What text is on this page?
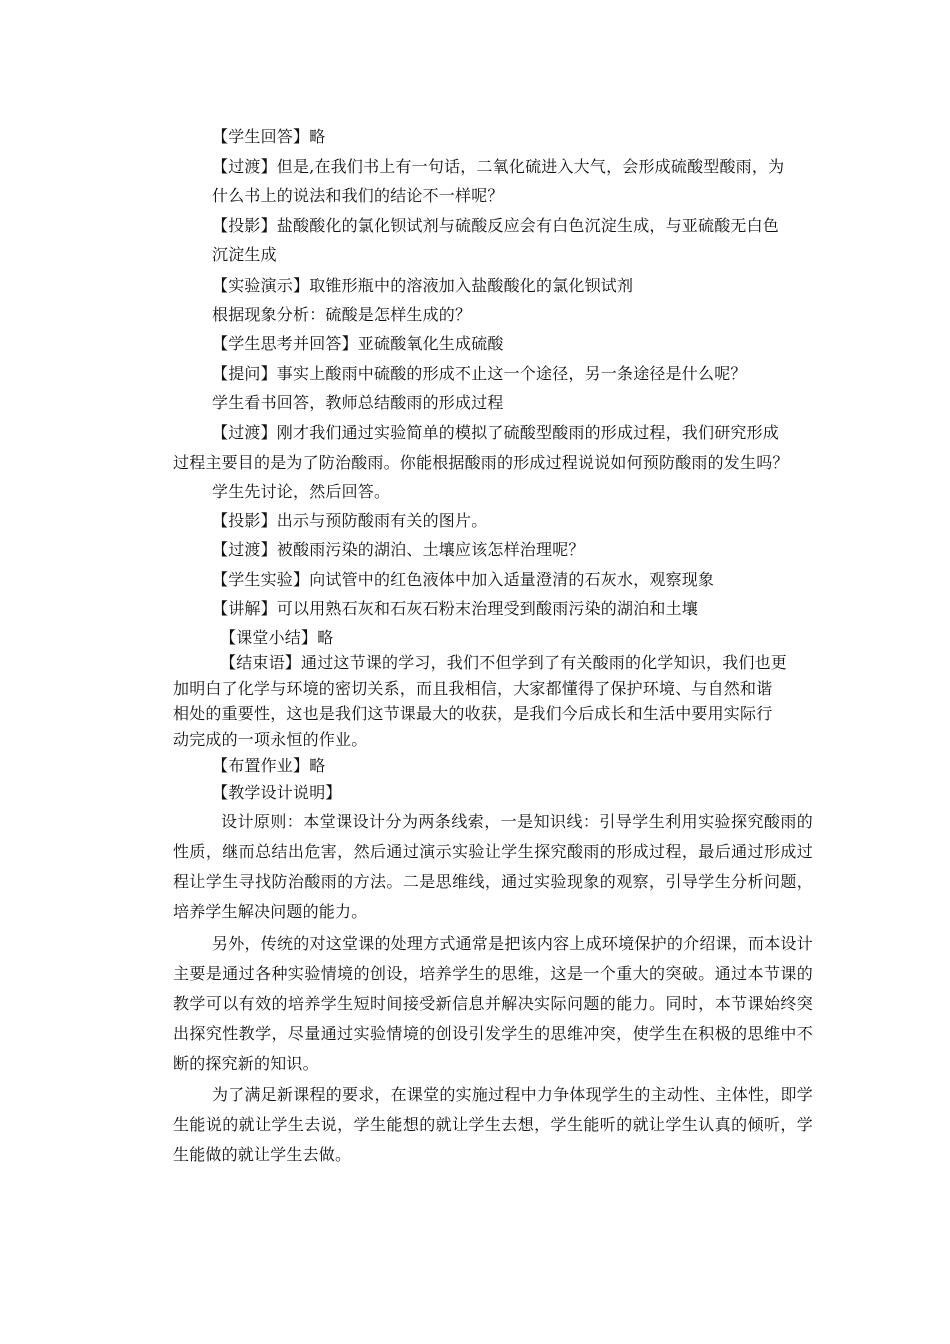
【学生回答】略
【过渡】但是,在我们书上有一句话，二氧化硫进入大气，会形成硫酸型酸雨，为
什么书上的说法和我们的结论不一样呢？
【投影】盐酸酸化的氯化钡试剂与硫酸反应会有白色沉淀生成，与亚硫酸无白色
沉淀生成
【实验演示】取锥形瓶中的溶液加入盐酸酸化的氯化钡试剂
根据现象分析：硫酸是怎样生成的？
【学生思考并回答】亚硫酸氧化生成硫酸
【提问】事实上酸雨中硫酸的形成不止这一个途径，另一条途径是什么呢？
学生看书回答，教师总结酸雨的形成过程
【过渡】刚才我们通过实验简单的模拟了硫酸型酸雨的形成过程，我们研究形成
过程主要目的是为了防治酸雨。你能根据酸雨的形成过程说说如何预防酸雨的发生吗？
学生先讨论，然后回答。
【投影】出示与预防酸雨有关的图片。
【过渡】被酸雨污染的湖泊、土壤应该怎样治理呢？
【学生实验】向试管中的红色液体中加入适量澄清的石灰水，观察现象
【讲解】可以用熟石灰和石灰石粉末治理受到酸雨污染的湖泊和土壤
【课堂小结】略
【结束语】通过这节课的学习，我们不但学到了有关酸雨的化学知识，我们也更
加明白了化学与环境的密切关系，而且我相信，大家都懂得了保护环境、与自然和谐
相处的重要性，这也是我们这节课最大的收获，是我们今后成长和生活中要用实际行
动完成的一项永恒的作业。
【布置作业】略
【教学设计说明】
设计原则：本堂课设计分为两条线索，一是知识线：引导学生利用实验探究酸雨的性质，继而总结出危害，然后通过演示实验让学生探究酸雨的形成过程，最后通过形成过程让学生寻找防治酸雨的方法。二是思维线，通过实验现象的观察，引导学生分析问题，培养学生解决问题的能力。
另外，传统的对这堂课的处理方式通常是把该内容上成环境保护的介绍课，而本设计主要是通过各种实验情境的创设，培养学生的思维，这是一个重大的突破。通过本节课的教学可以有效的培养学生短时间接受新信息并解决实际问题的能力。同时，本节课始终突出探究性教学，尽量通过实验情境的创设引发学生的思维冲突，使学生在积极的思维中不断的探究新的知识。
为了满足新课程的要求，在课堂的实施过程中力争体现学生的主动性、主体性，即学生能说的就让学生去说，学生能想的就让学生去想，学生能听的就让学生认真的倾听，学生能做的就让学生去做。
